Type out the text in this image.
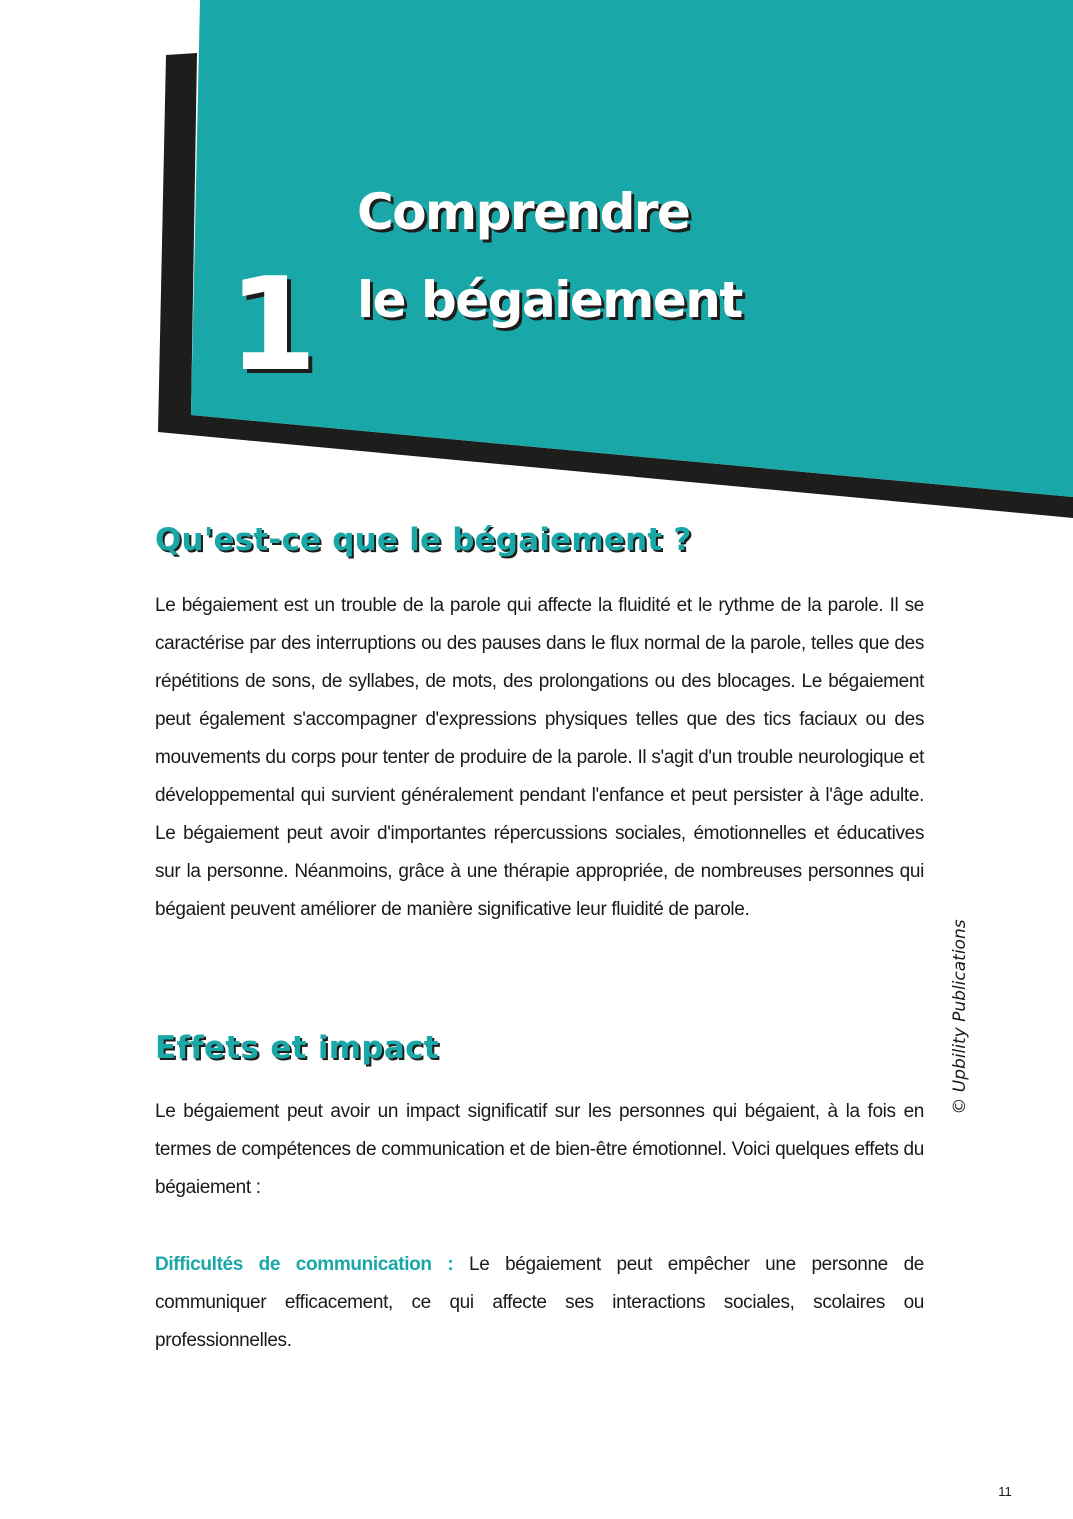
1
Comprendre
le bégaiement
Qu'est-ce que le bégaiement ?

Le bégaiement est un trouble de la parole qui affecte la fluidité et le rythme de la parole. Il se caractérise par des interruptions ou des pauses dans le flux normal de la parole, telles que des répétitions de sons, de syllabes, de mots, des prolongations ou des blocages. Le bégaiement peut également s'accompagner d'expressions physiques telles que des tics faciaux ou des mouvements du corps pour tenter de produire de la parole. Il s'agit d'un trouble neurologique et développemental qui survient généralement pendant l'enfance et peut persister à l'âge adulte. Le bégaiement peut avoir d'importantes répercussions sociales, émotionnelles et éducatives sur la personne. Néanmoins, grâce à une thérapie appropriée, de nombreuses personnes qui bégaient peuvent améliorer de manière significative leur fluidité de parole.

Effets et impact

Le bégaiement peut avoir un impact significatif sur les personnes qui bégaient, à la fois en termes de compétences de communication et de bien-être émotionnel. Voici quelques effets du bégaiement :

Difficultés de communication : Le bégaiement peut empêcher une personne de communiquer efficacement, ce qui affecte ses interactions sociales, scolaires ou professionnelles.

© Upbility Publications
11
